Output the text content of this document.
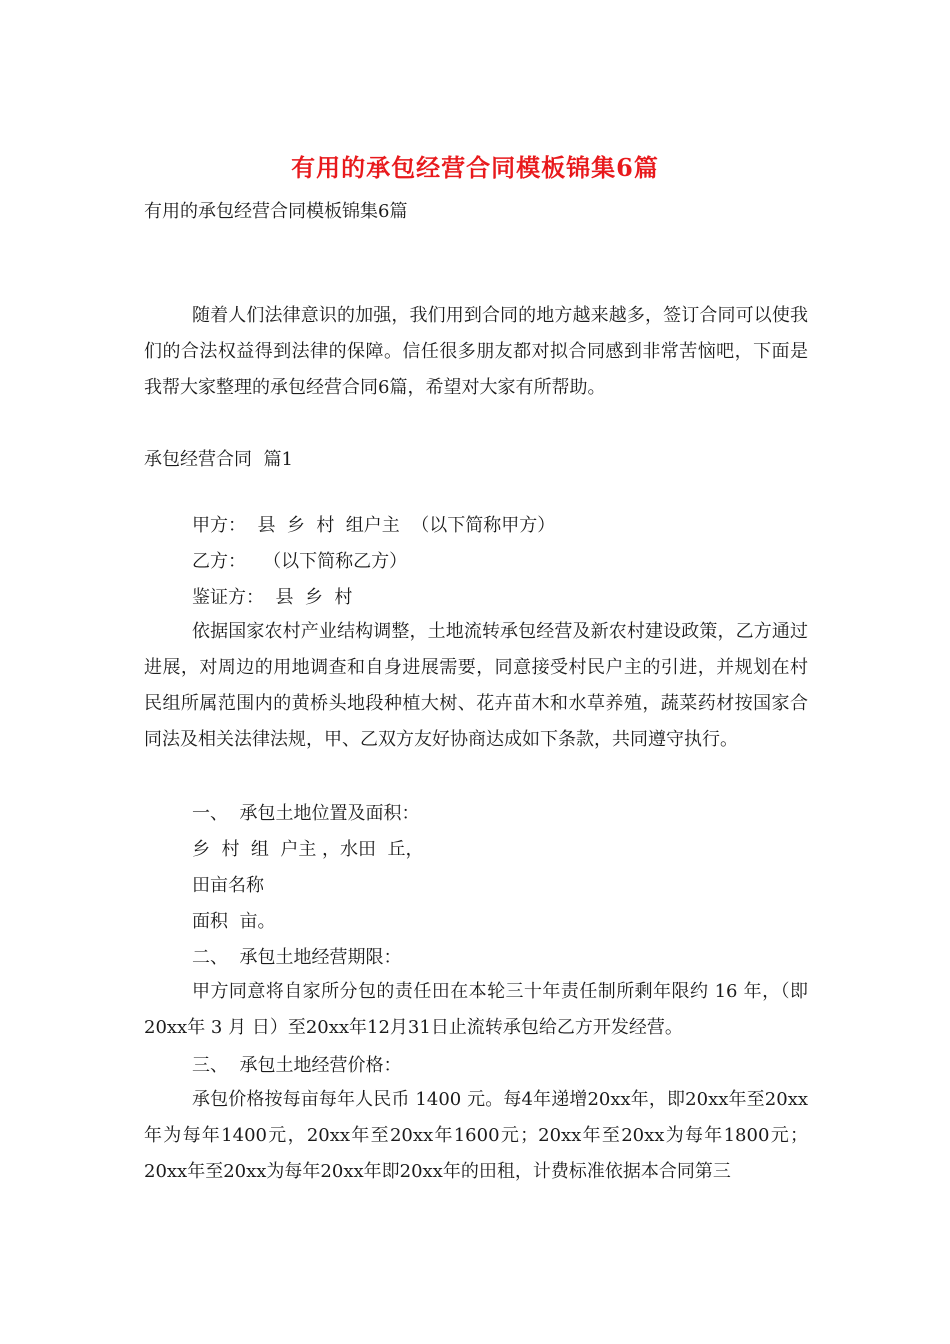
有用的承包经营合同模板锦集6篇
有用的承包经营合同模板锦集6篇
随着人们法律意识的加强，我们用到合同的地方越来越多，签订合同可以使我们的合法权益得到法律的保障。信任很多朋友都对拟合同感到非常苦恼吧，下面是我帮大家整理的承包经营合同6篇，希望对大家有所帮助。
承包经营合同  篇1
甲方：  县  乡  村  组户主  （以下简称甲方）
乙方：   （以下简称乙方）
鉴证方：  县  乡  村
依据国家农村产业结构调整，土地流转承包经营及新农村建设政策，乙方通过进展，对周边的用地调查和自身进展需要，同意接受村民户主的引进，并规划在村民组所属范围内的黄桥头地段种植大树、花卉苗木和水草养殖，蔬菜药材按国家合同法及相关法律法规，甲、乙双方友好协商达成如下条款，共同遵守执行。
一、  承包土地位置及面积：
乡  村  组  户主 ，水田  丘，
田亩名称
面积  亩。
二、  承包土地经营期限：
甲方同意将自家所分包的责任田在本轮三十年责任制所剩年限约 16 年，（即 20xx年 3 月 日）至20xx年12月31日止流转承包给乙方开发经营。
三、  承包土地经营价格：
承包价格按每亩每年人民币 1400 元。每4年递增20xx年，即20xx年至20xx年为每年1400元，20xx年至20xx年1600元；20xx年至20xx为每年1800元；20xx年至20xx为每年20xx年即20xx年的田租，计费标准依据本合同第三
